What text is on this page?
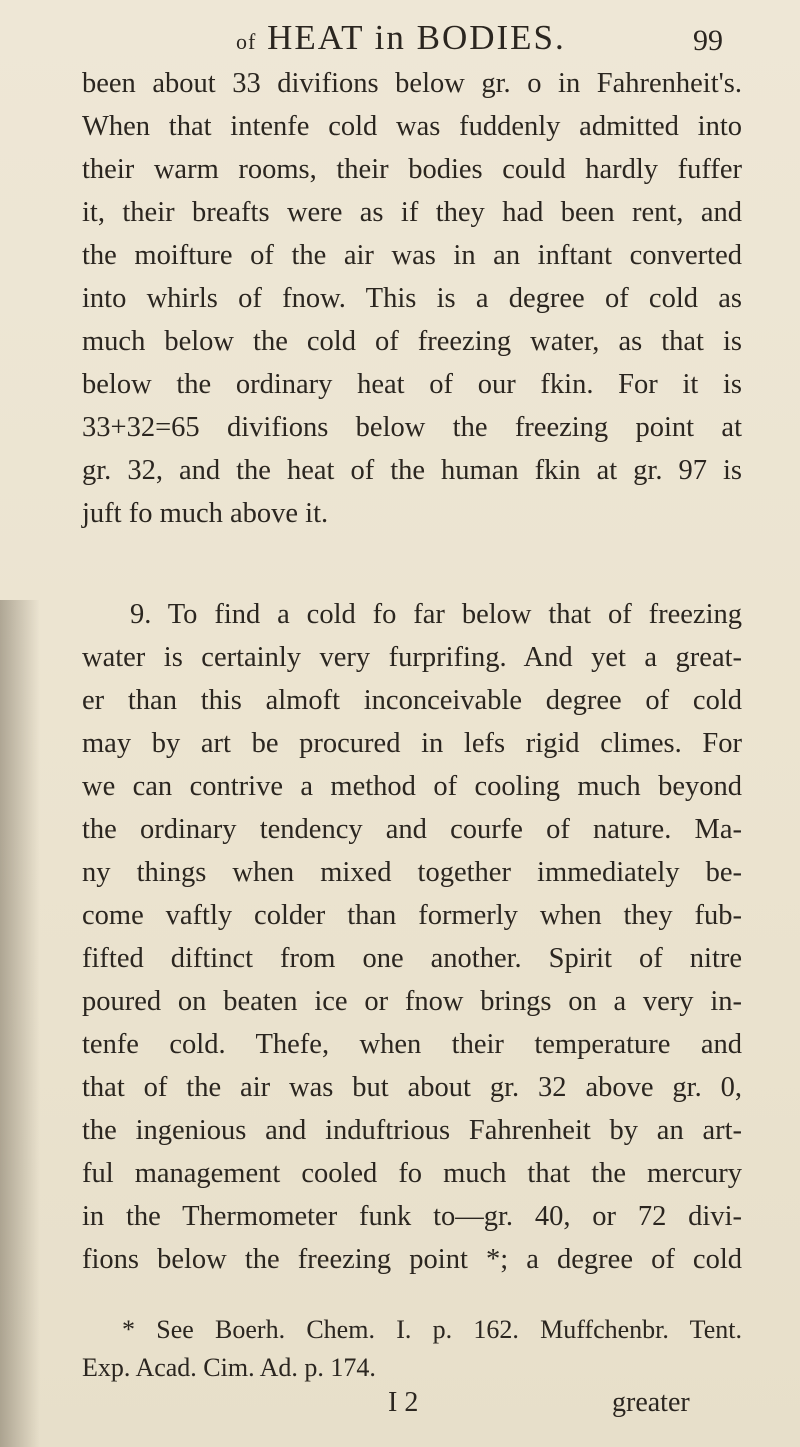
of HEAT in BODIES.	99
been about 33 divifions below gr. o in Fahrenheit's.
When that intenfe cold was fuddenly admitted into
their warm rooms, their bodies could hardly fuffer
it, their breafts were as if they had been rent, and
the moifture of the air was in an inftant converted
into whirls of fnow. This is a degree of cold as
much below the cold of freezing water, as that is
below the ordinary heat of our fkin. For it is
33+32=65 divifions below the freezing point at
gr. 32, and the heat of the human fkin at gr. 97 is
juft fo much above it.
9. To find a cold fo far below that of freezing
water is certainly very furprifing. And yet a great-
er than this almoft inconceivable degree of cold
may by art be procured in lefs rigid climes. For
we can contrive a method of cooling much beyond
the ordinary tendency and courfe of nature. Ma-
ny things when mixed together immediately be-
come vaftly colder than formerly when they fub-
fifted diftinct from one another. Spirit of nitre
poured on beaten ice or fnow brings on a very in-
tenfe cold. Thefe, when their temperature and
that of the air was but about gr. 32 above gr. 0,
the ingenious and induftrious Fahrenheit by an art-
ful management cooled fo much that the mercury
in the Thermometer funk to—gr. 40, or 72 divi-
fions below the freezing point *; a degree of cold
* See Boerh. Chem. I. p. 162. Muffchenbr. Tent.
Exp. Acad. Cim. Ad. p. 174.
I 2	greater
